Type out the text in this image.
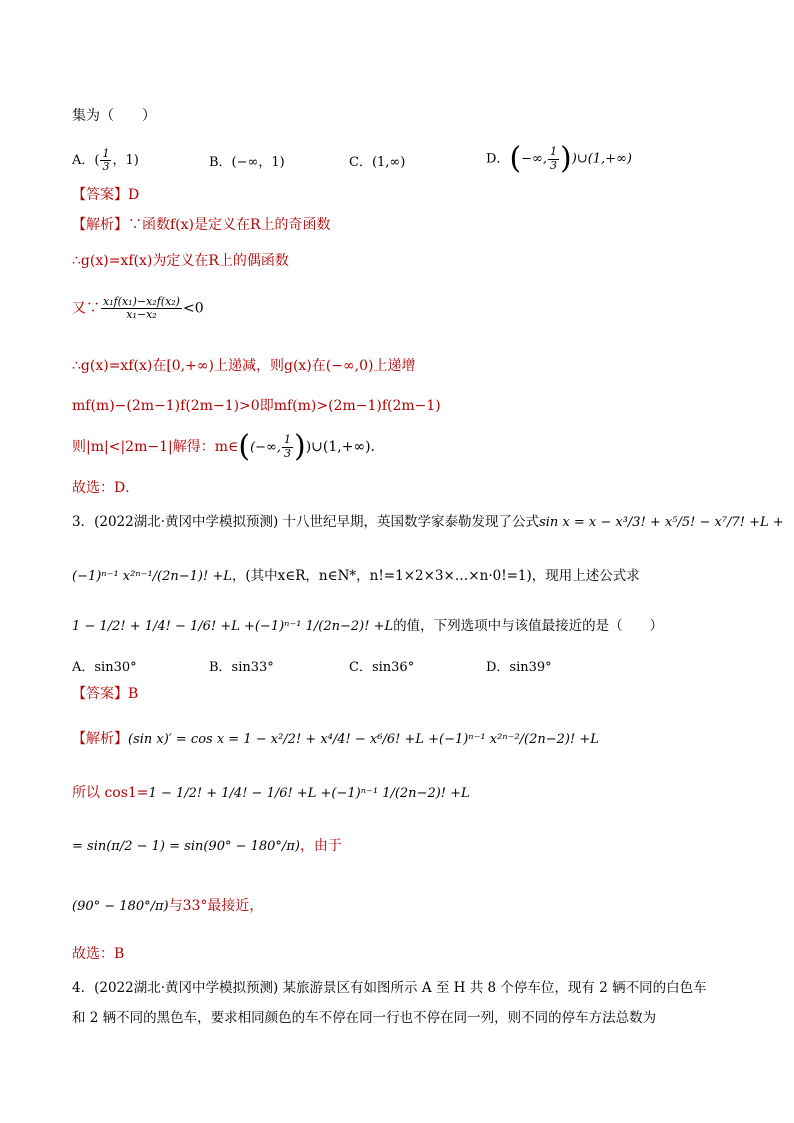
集为（　　）
A．( $\frac{1}{3}$ ，1)	B．(−∞，1)	C．(1,∞)	D．(−∞, $\frac{1}{3}$ ))∪(1,+∞)
【答案】D
【解析】∵函数f(x)是定义在R上的奇函数
∴g(x)=xf(x)为定义在R上的偶函数
又∵ $\frac{\text{x₁f(x₁)−x₂f(x₂)}}{\text{x₁−x₂}} <0$
∴g(x)=xf(x)在[0,+∞)上递减，则g(x)在(−∞,0)上递增
mf(m)−(2m−1)f(2m−1)>0即mf(m)>(2m−1)f(2m−1)
则|m|<|2m−1|解得：m∈((−∞, $\frac{1}{3}$ ))∪(1,+∞)．
故选：D．
3．(2022湖北·黄冈中学模拟预测) 十八世纪早期，英国数学家泰勒发现了公式sin x = x − x³/3! + x⁵/5! − x⁷/7! +L +
(−1)ⁿ⁻¹ x²ⁿ⁻¹/(2n−1)! +L，(其中x∈R，n∈N*，n!=1×2×3×…×n·0!=1)，现用上述公式求
1 − 1/2! + 1/4! − 1/6! +L +(−1)ⁿ⁻¹ 1/(2n−2)! +L的值，下列选项中与该值最接近的是（　　）
A．sin30°	B．sin33°	C．sin36°	D．sin39°
【答案】B
【解析】(sin x)′ = cos x = 1 − x²/2! + x⁴/4! − x⁶/6! +L +(−1)ⁿ⁻¹ x²ⁿ⁻²/(2n−2)! +L
所以 cos1=1 − 1/2! + 1/4! − 1/6! +L +(−1)ⁿ⁻¹ 1/(2n−2)! +L
= sin(π/2 − 1) = sin(90° − 180°/π)，由于
(90° − 180°/π)与33°最接近，
故选：B
4．(2022湖北·黄冈中学模拟预测) 某旅游景区有如图所示 A 至 H 共 8 个停车位，现有 2 辆不同的白色车
和 2 辆不同的黑色车，要求相同颜色的车不停在同一行也不停在同一列，则不同的停车方法总数为
